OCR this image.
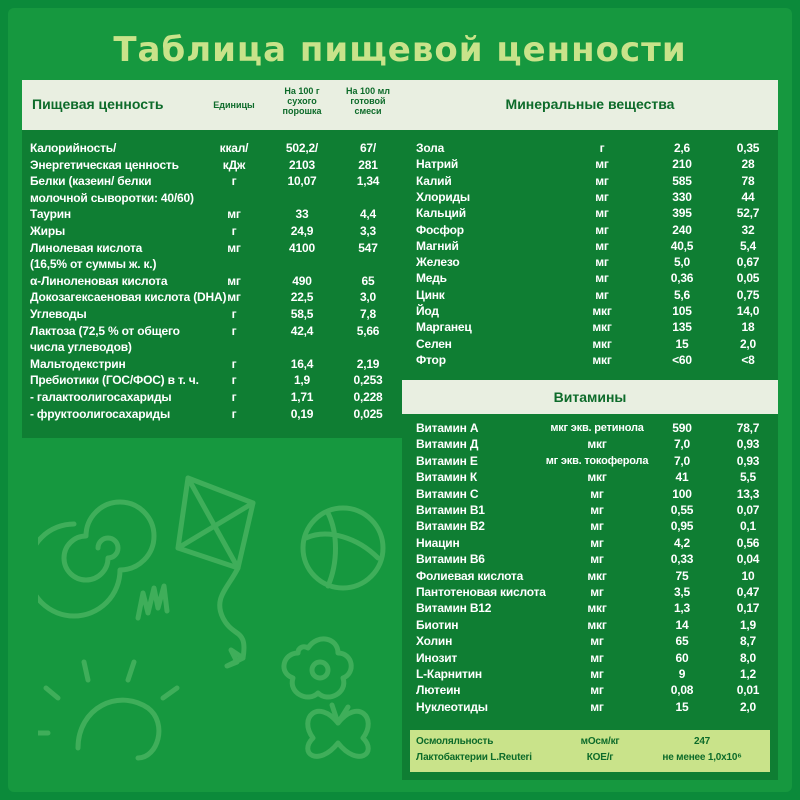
Таблица пищевой ценности
Пищевая ценность	Единицы
На 100 г сухого порошка
На 100 мл готовой смеси
Калорийность/	ккал/	502,2/	67/
Энергетическая ценность	кДж	2103	281
Белки (казеин/ белки	г	10,07	1,34
молочной сыворотки: 40/60)
Таурин	мг	33	4,4
Жиры	г	24,9	3,3
Линолевая кислота	мг	4100	547
(16,5% от суммы ж. к.)
α-Линоленовая кислота	мг	490	65
Докозагексаеновая кислота (DHA) мг	22,5	3,0
Углеводы	г	58,5	7,8
Лактоза (72,5 % от общего	г	42,4	5,66
числа углеводов)
Мальтодекстрин	г	16,4	2,19
Пребиотики (ГОС/ФОС) в т. ч.	г	1,9	0,253
- галактоолигосахариды	г	1,71	0,228
- фруктоолигосахариды	г	0,19	0,025
Минеральные вещества
Зола	г	2,6	0,35
Натрий	мг	210	28
Калий	мг	585	78
Хлориды	мг	330	44
Кальций	мг	395	52,7
Фосфор	мг	240	32
Магний	мг	40,5	5,4
Железо	мг	5,0	0,67
Медь	мг	0,36	0,05
Цинк	мг	5,6	0,75
Йод	мкг	105	14,0
Марганец	мкг	135	18
Селен	мкг	15	2,0
Фтор	мкг	<60	<8
Витамины
Витамин А	мкг экв. ретинола	590	78,7
Витамин Д	мкг	7,0	0,93
Витамин Е	мг экв. токоферола	7,0	0,93
Витамин К	мкг	41	5,5
Витамин С	мг	100	13,3
Витамин В1	мг	0,55	0,07
Витамин В2	мг	0,95	0,1
Ниацин	мг	4,2	0,56
Витамин В6	мг	0,33	0,04
Фолиевая кислота	мкг	75	10
Пантотеновая кислота	мг	3,5	0,47
Витамин В12	мкг	1,3	0,17
Биотин	мкг	14	1,9
Холин	мг	65	8,7
Инозит	мг	60	8,0
L-Карнитин	мг	9	1,2
Лютеин	мг	0,08	0,01
Нуклеотиды	мг	15	2,0
Осмоляльность	мОсм/кг	247
Лактобактерии L.Reuteri	КОЕ/г	не менее 1,0x10⁶
